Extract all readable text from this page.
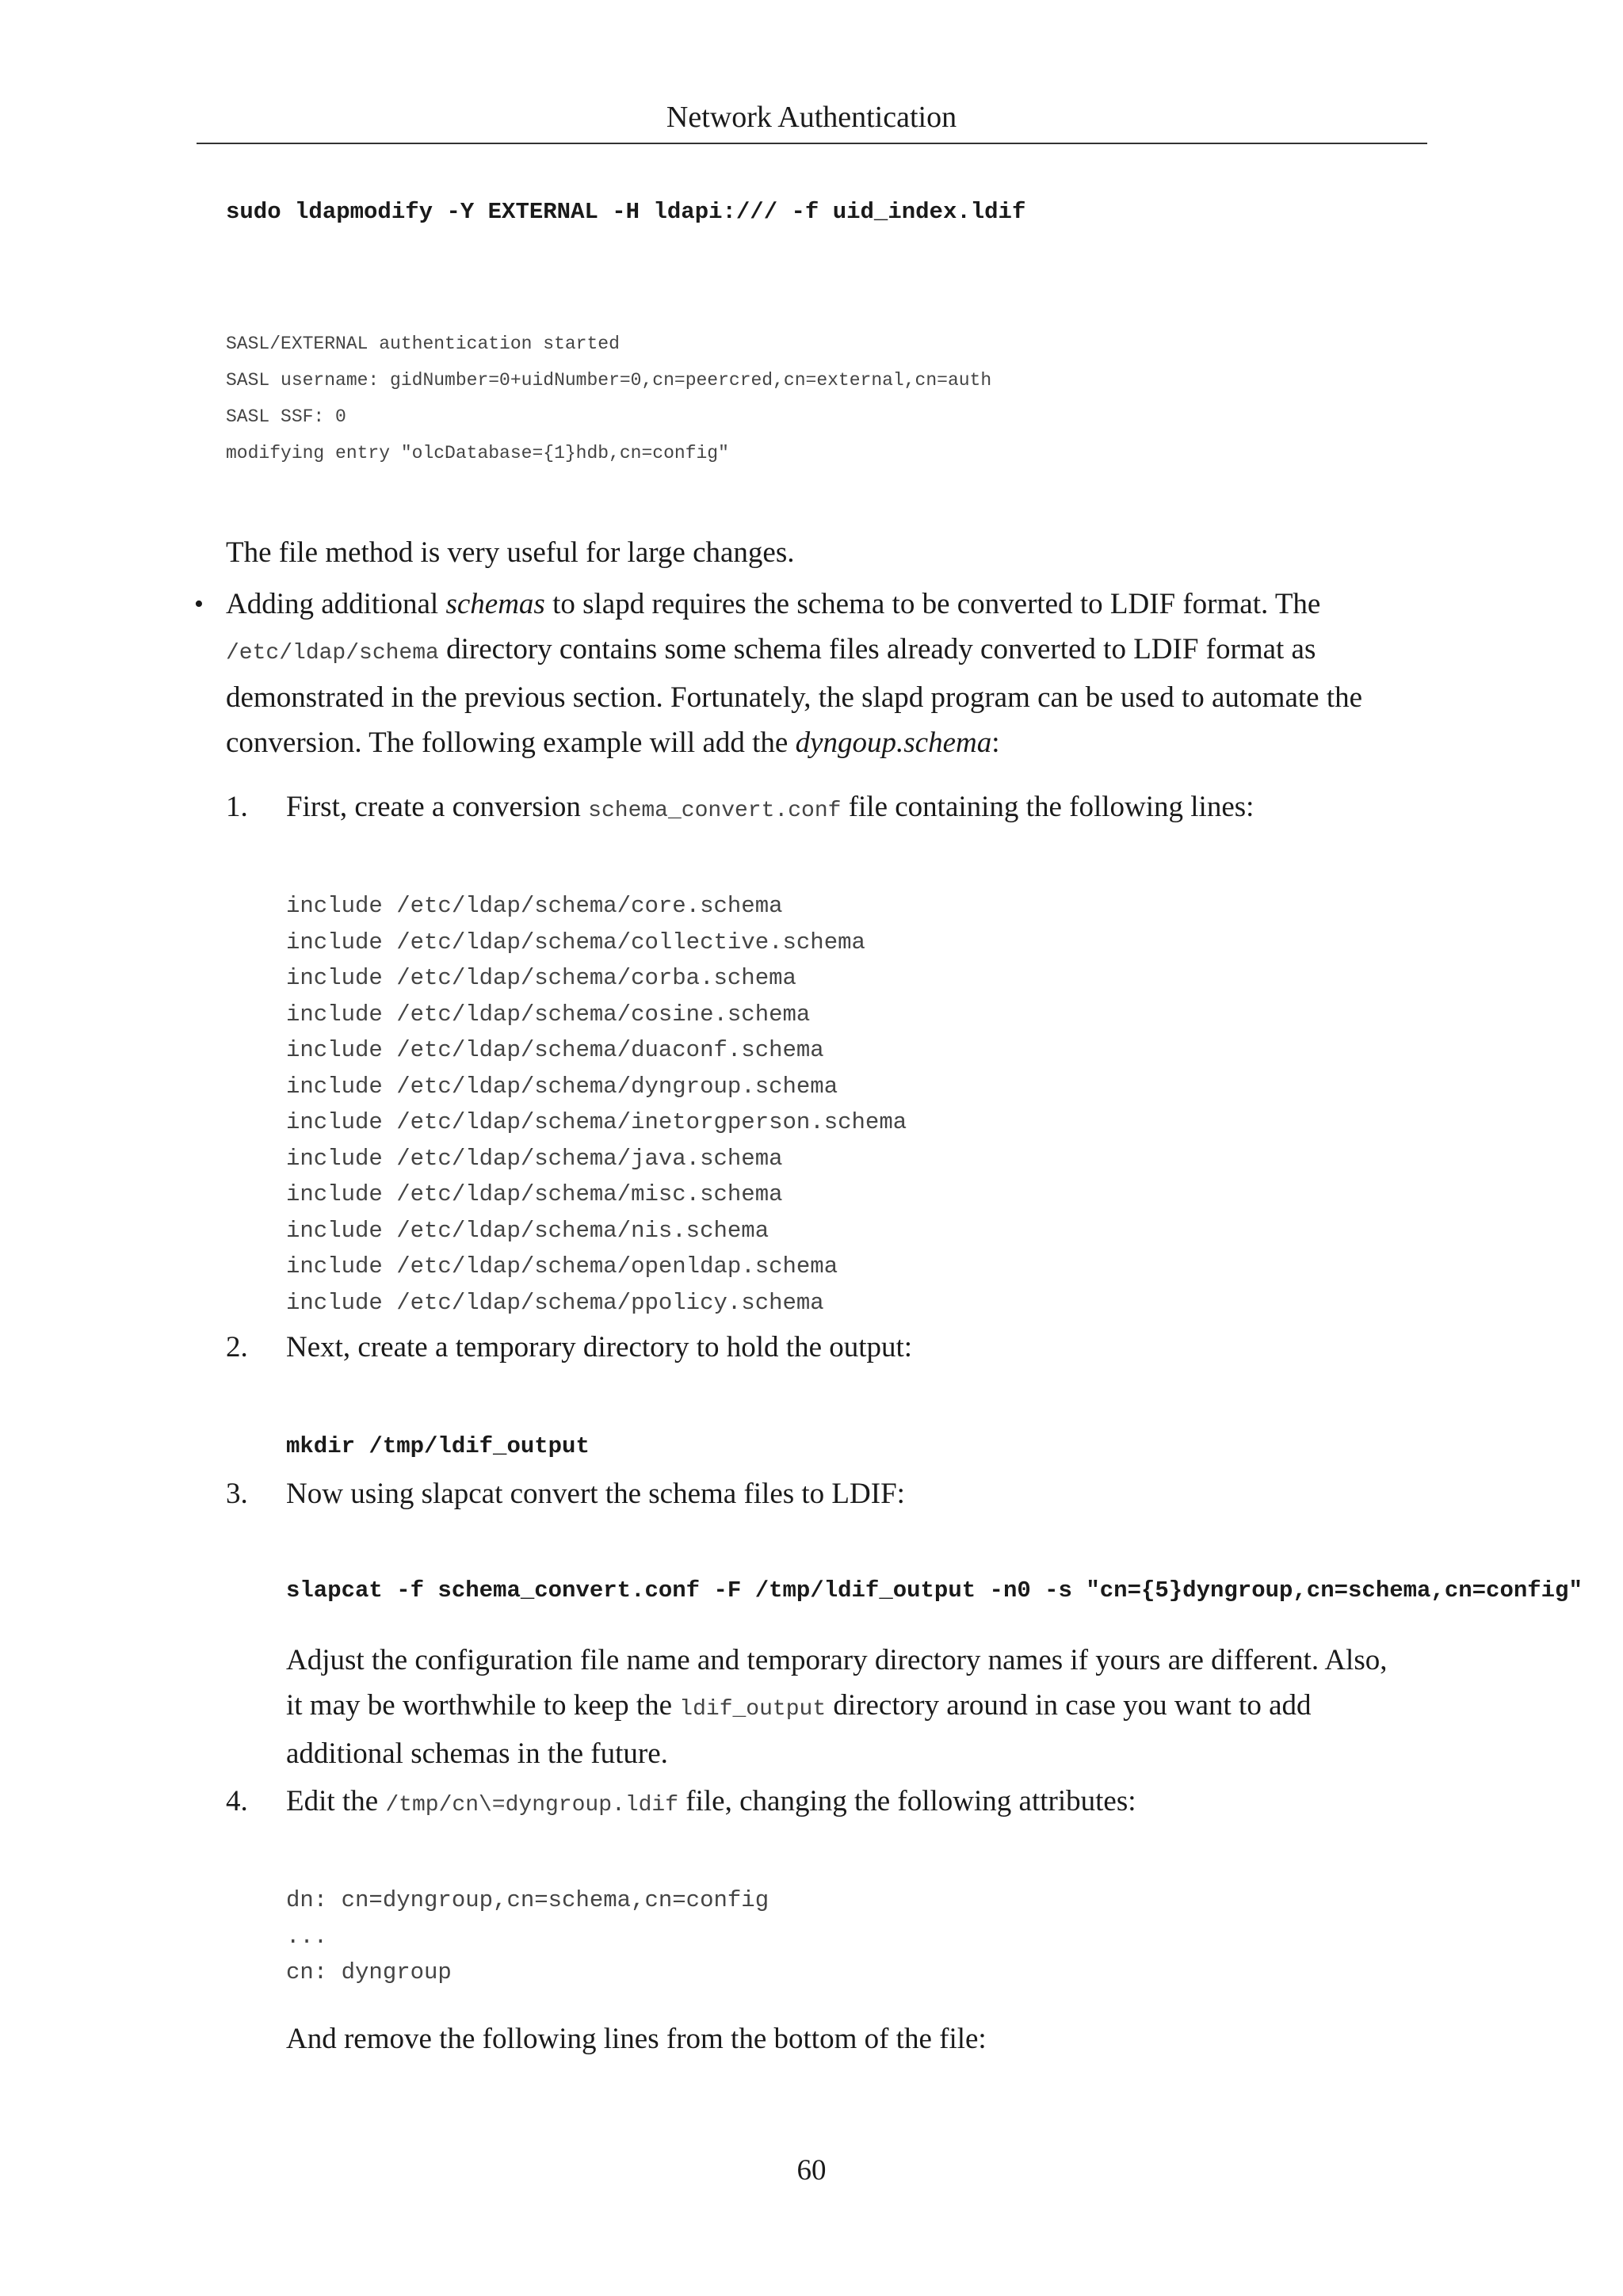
Network Authentication
sudo ldapmodify -Y EXTERNAL -H ldapi:/// -f uid_index.ldif
SASL/EXTERNAL authentication started
SASL username: gidNumber=0+uidNumber=0,cn=peercred,cn=external,cn=auth
SASL SSF: 0
modifying entry "olcDatabase={1}hdb,cn=config"
The file method is very useful for large changes.
• Adding additional schemas to slapd requires the schema to be converted to LDIF format. The
/etc/ldap/schema directory contains some schema files already converted to LDIF format as
demonstrated in the previous section. Fortunately, the slapd program can be used to automate the
conversion. The following example will add the dyngoup.schema:
1. First, create a conversion schema_convert.conf file containing the following lines:
include /etc/ldap/schema/core.schema
include /etc/ldap/schema/collective.schema
include /etc/ldap/schema/corba.schema
include /etc/ldap/schema/cosine.schema
include /etc/ldap/schema/duaconf.schema
include /etc/ldap/schema/dyngroup.schema
include /etc/ldap/schema/inetorgperson.schema
include /etc/ldap/schema/java.schema
include /etc/ldap/schema/misc.schema
include /etc/ldap/schema/nis.schema
include /etc/ldap/schema/openldap.schema
include /etc/ldap/schema/ppolicy.schema
2. Next, create a temporary directory to hold the output:
mkdir /tmp/ldif_output
3. Now using slapcat convert the schema files to LDIF:
slapcat -f schema_convert.conf -F /tmp/ldif_output -n0 -s "cn={5}dyngroup,cn=schema,cn=config"
Adjust the configuration file name and temporary directory names if yours are different. Also,
it may be worthwhile to keep the ldif_output directory around in case you want to add
additional schemas in the future.
4. Edit the /tmp/cn\=dyngroup.ldif file, changing the following attributes:
dn: cn=dyngroup,cn=schema,cn=config
...
cn: dyngroup
And remove the following lines from the bottom of the file:
60
